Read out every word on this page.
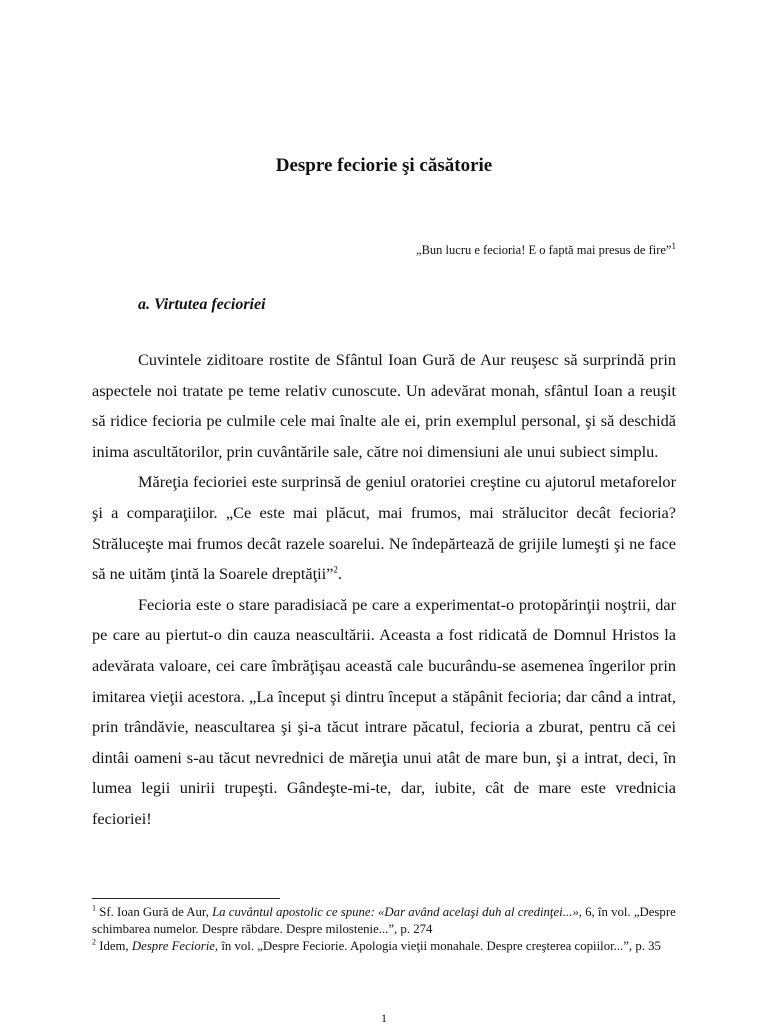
Despre feciorie şi căsătorie
„Bun lucru e fecioria! E o faptă mai presus de fire”$^1$
a. Virtutea fecioriei

Cuvintele ziditoare rostite de Sfântul Ioan Gură de Aur reuşesc să surprindă prin aspectele noi tratate pe teme relativ cunoscute. Un adevărat monah, sfântul Ioan a reuşit să ridice fecioria pe culmile cele mai înalte ale ei, prin exemplul personal, şi să deschidă inima ascultătorilor, prin cuvântările sale, către noi dimensiuni ale unui subiect simplu.

Măreţia fecioriei este surprinsă de geniul oratoriei creştine cu ajutorul metaforelor şi a comparaţiilor. „Ce este mai plăcut, mai frumos, mai strălucitor decât fecioria? Străluceşte mai frumos decât razele soarelui. Ne îndepărtează de grijile lumeşti şi ne face să ne uităm ţintă la Soarele dreptăţii”$^2$.

Fecioria este o stare paradisiacă pe care a experimentat-o protopărinţii noştrii, dar pe care au piertut-o din cauza neascultării. Aceasta a fost ridicată de Domnul Hristos la adevărata valoare, cei care îmbrăţişau această cale bucurându-se asemenea îngerilor prin imitarea vieţii acestora. „La început şi dintru început a stăpânit fecioria; dar când a intrat, prin trândăvie, neascultarea şi şi-a tăcut intrare păcatul, fecioria a zburat, pentru că cei dintâi oameni s-au tăcut nevrednici de măreţia unui atât de mare bun, şi a intrat, deci, în lumea legii unirii trupeşti. Gândeşte-mi-te, dar, iubite, cât de mare este vrednicia fecioriei!

$^1$ Sf. Ioan Gură de Aur, La cuvântul apostolic ce spune: «Dar având acelaşi duh al credinţei...», 6, în vol. „Despre schimbarea numelor. Despre răbdare. Despre milostenie...”, p. 274

$^2$ Idem, Despre Feciorie, în vol. „Despre Feciorie. Apologia vieţii monahale. Despre creşterea copiilor...”, p. 35

1
